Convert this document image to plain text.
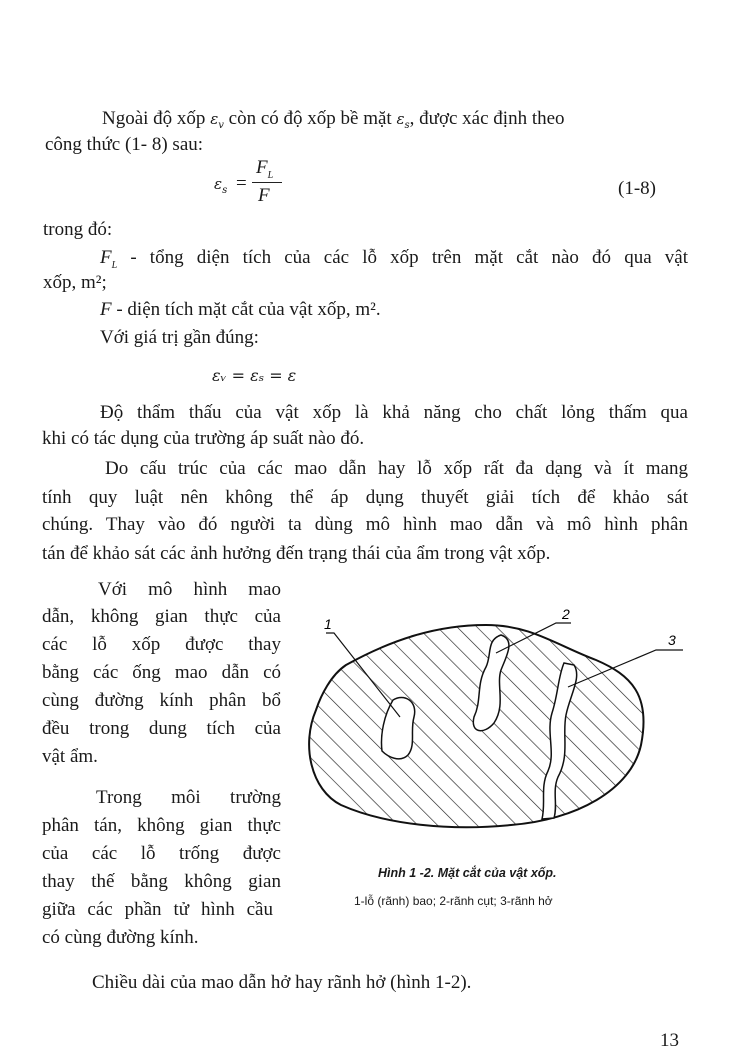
Ngoài độ xốp $\varepsilon_v$ còn có độ xốp bề mặt $\varepsilon_s$, được xác định theo
công thức (1- 8) sau:
$\varepsilon_s$ =
$F_L$
F	(1-8)
trong đó:
$F_L$ - tổng diện tích của các lỗ xốp trên mặt cắt nào đó qua vật
xốp, m²;
F - diện tích mặt cắt của vật xốp, m².
Với giá trị gần đúng:
εᵥ = εₛ = ε
Độ thẩm thấu của vật xốp là khả năng cho chất lỏng thấm qua
khi có tác dụng của trường áp suất nào đó.
Do cấu trúc của các mao dẫn hay lỗ xốp rất đa dạng và ít mang
tính quy luật nên không thể áp dụng thuyết giải tích để khảo sát
chúng. Thay vào đó người ta dùng mô hình mao dẫn và mô hình phân
tán để khảo sát các ảnh hưởng đến trạng thái của ẩm trong vật xốp.
Với mô hình mao
dẫn, không gian thực của
các lỗ xốp được thay
bằng các ống mao dẫn có
cùng đường kính phân bổ
đều trong dung tích của
vật ẩm.
Trong môi trường
phân tán, không gian thực
của các lỗ trống được
thay thế bằng không gian
giữa các phần tử hình cầu
có cùng đường kính.
1
2
3
Hình 1 -2. Mặt cắt của vật xốp.
1-lỗ (rãnh) bao; 2-rãnh cụt; 3-rãnh hở
Chiều dài của mao dẫn hở hay rãnh hở (hình 1-2).
13
